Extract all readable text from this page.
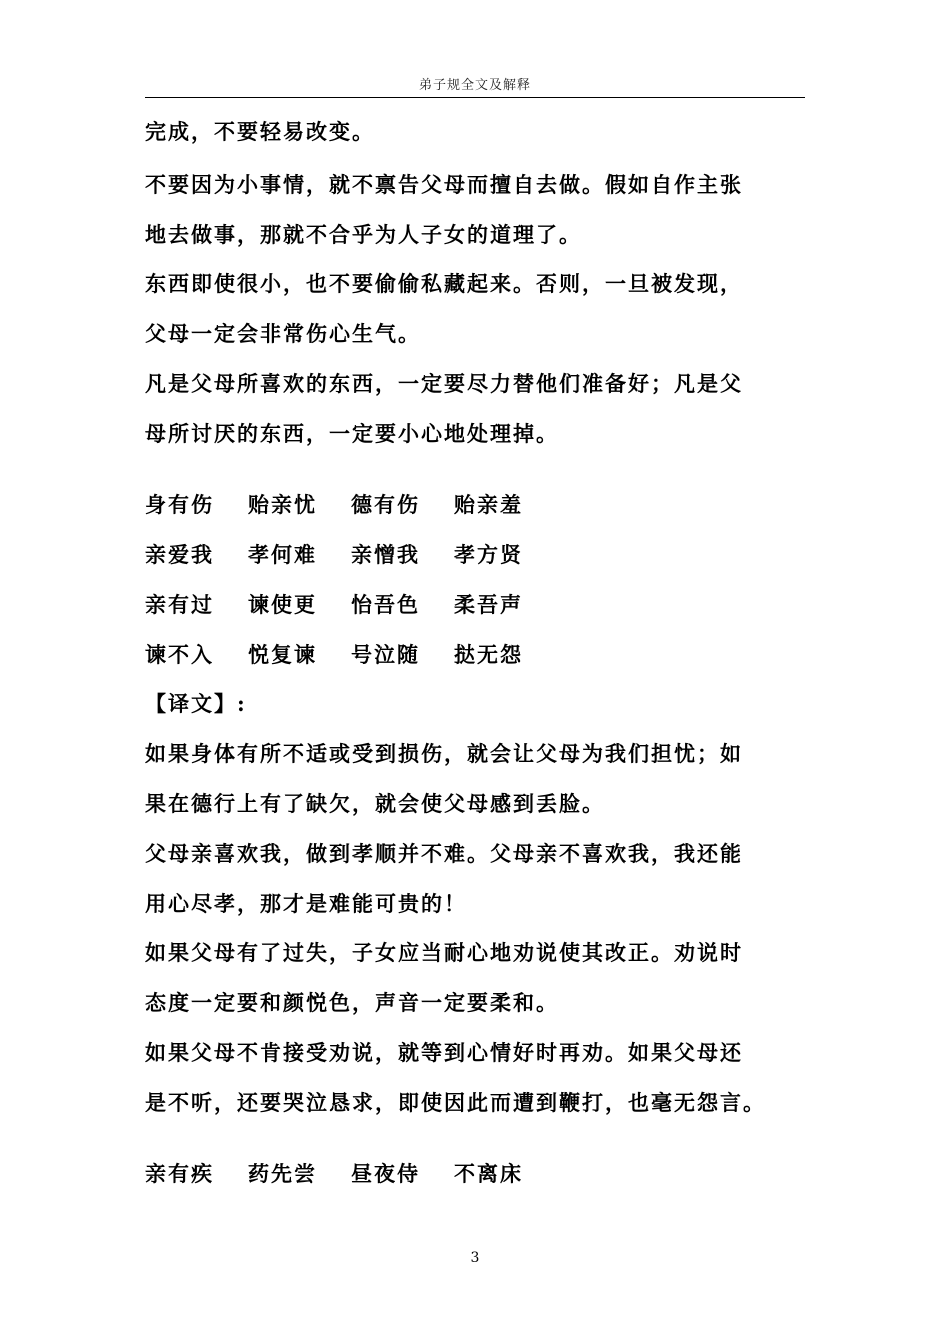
弟子规全文及解释
完成，不要轻易改变。
不要因为小事情，就不禀告父母而擅自去做。假如自作主张
地去做事，那就不合乎为人子女的道理了。
东西即使很小，也不要偷偷私藏起来。否则，一旦被发现，
父母一定会非常伤心生气。
凡是父母所喜欢的东西，一定要尽力替他们准备好；凡是父
母所讨厌的东西，一定要小心地处理掉。
身有伤 贻亲忧 德有伤 贻亲羞
亲爱我 孝何难 亲憎我 孝方贤
亲有过 谏使更 怡吾色 柔吾声
谏不入 悦复谏 号泣随 挞无怨
【译文】:
如果身体有所不适或受到损伤，就会让父母为我们担忧；如
果在德行上有了缺欠，就会使父母感到丢脸。
父母亲喜欢我，做到孝顺并不难。父母亲不喜欢我，我还能
用心尽孝，那才是难能可贵的！
如果父母有了过失，子女应当耐心地劝说使其改正。劝说时
态度一定要和颜悦色，声音一定要柔和。
如果父母不肯接受劝说，就等到心情好时再劝。如果父母还
是不听，还要哭泣恳求，即使因此而遭到鞭打，也毫无怨言。
亲有疾 药先尝 昼夜侍 不离床
3
